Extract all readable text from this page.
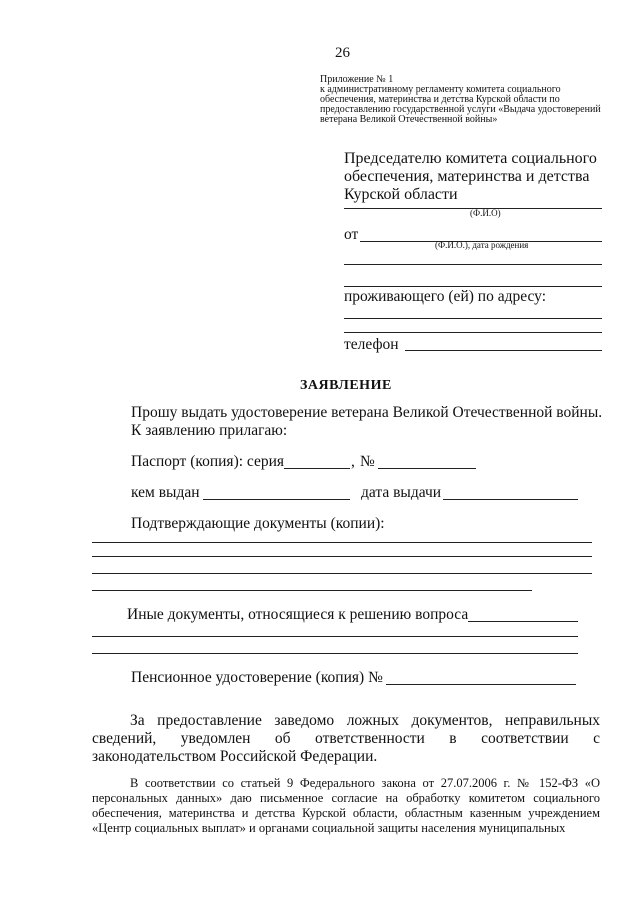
26
Приложение № 1
к административному регламенту комитета социального
обеспечения, материнства и детства Курской области по
предоставлению государственной услуги «Выдача удостоверений
ветерана Великой Отечественной войны»
Председателю комитета социального
обеспечения, материнства и детства
Курской области
(Ф.И.О)
от
(Ф.И.О.), дата рождения
проживающего (ей) по адресу:
телефон
ЗАЯВЛЕНИЕ
Прошу выдать удостоверение ветерана Великой Отечественной войны.
К заявлению прилагаю:
Паспорт (копия): серия	, №
кем выдан	дата выдачи
Подтверждающие документы (копии):
Иные документы, относящиеся к решению вопроса
Пенсионное удостоверение (копия) №
За предоставление заведомо ложных документов, неправильных сведений, уведомлен об ответственности в соответствии с законодательством Российской Федерации.
В соответствии со статьей 9 Федерального закона от 27.07.2006 г. № 152-ФЗ «О персональных данных» даю письменное согласие на обработку комитетом социального обеспечения, материнства и детства Курской области, областным казенным учреждением «Центр социальных выплат» и органами социальной защиты населения муниципальных
